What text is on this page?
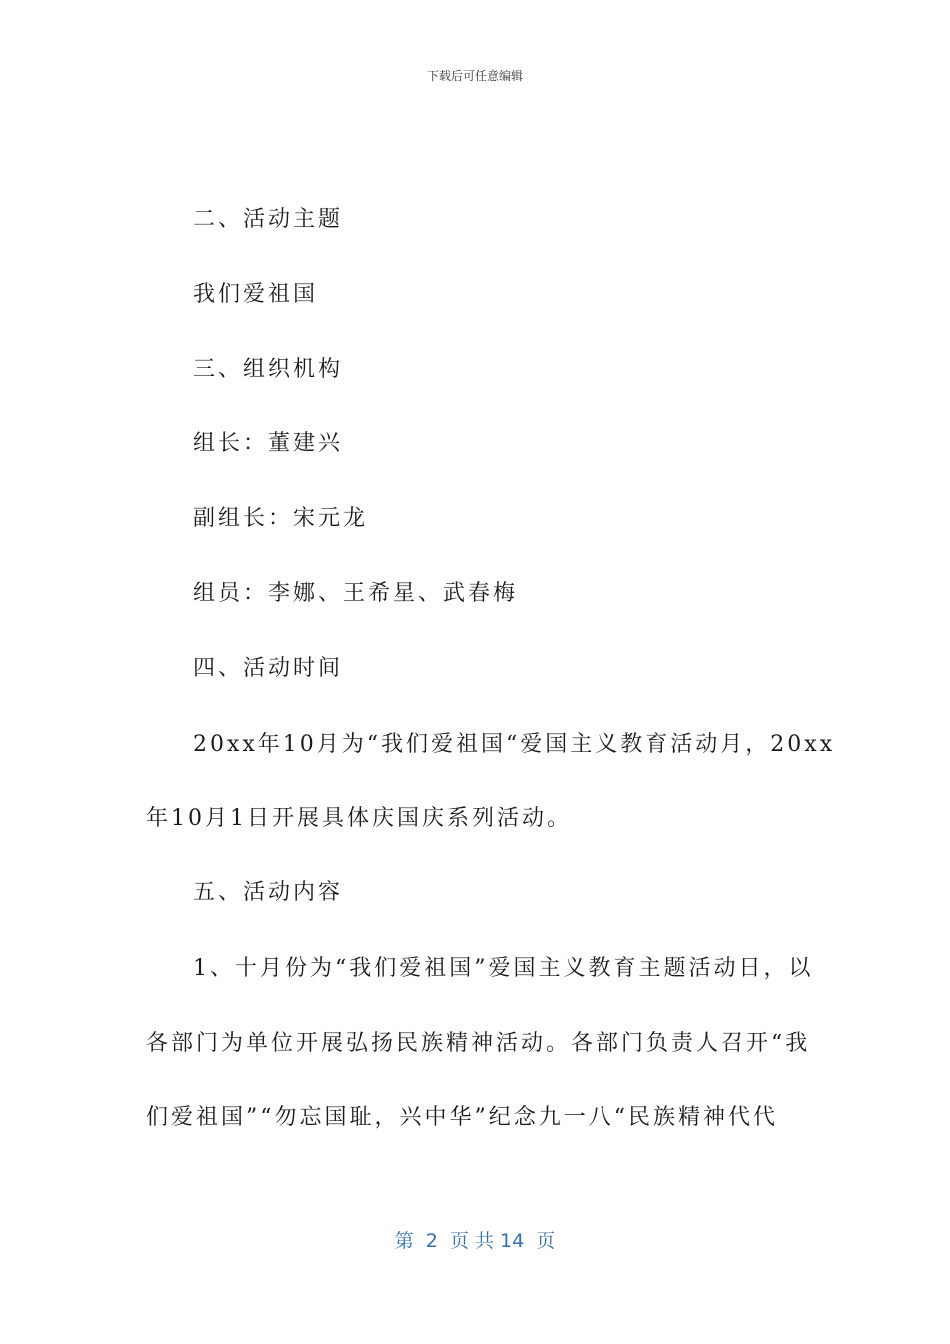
下载后可任意编辑
二、活动主题
我们爱祖国
三、组织机构
组长：董建兴
副组长：宋元龙
组员：李娜、王希星、武春梅
四、活动时间
20xx年10月为“我们爱祖国“爱国主义教育活动月，20xx
年10月1日开展具体庆国庆系列活动。
五、活动内容
1、十月份为“我们爱祖国”爱国主义教育主题活动日，以
各部门为单位开展弘扬民族精神活动。各部门负责人召开“我
们爱祖国”“勿忘国耻，兴中华”纪念九一八“民族精神代代
第  2  页 共 14  页
